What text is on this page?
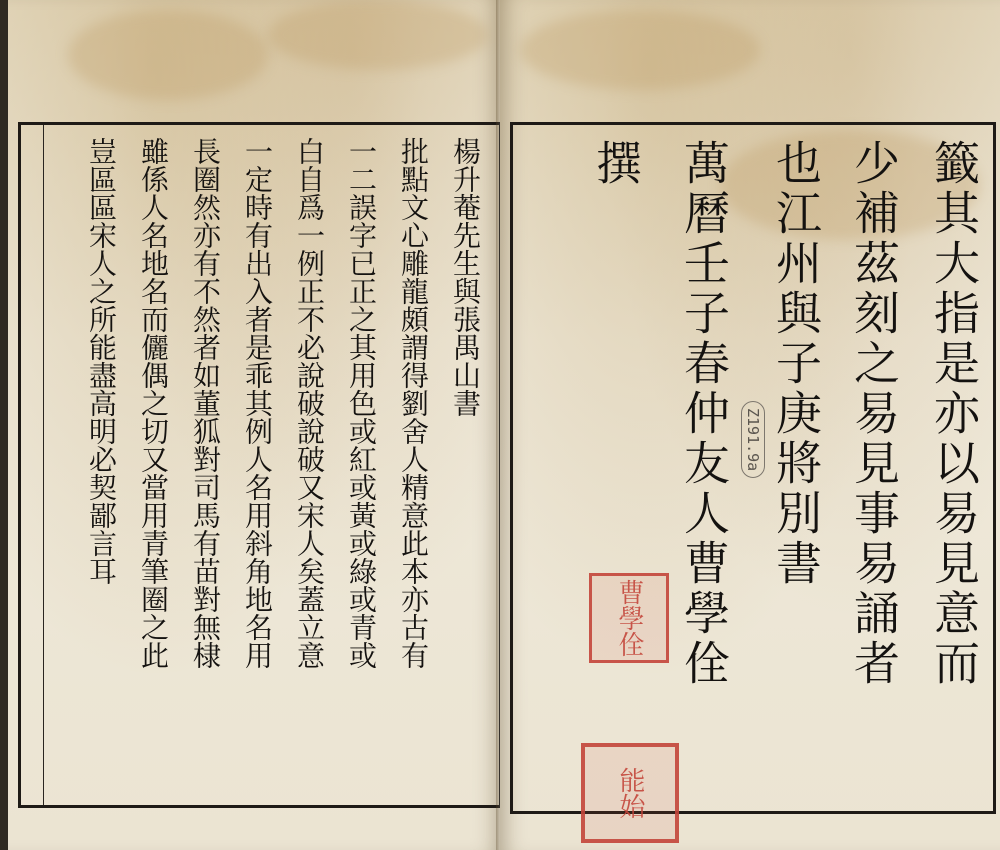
楊升菴先生與張禺山書
批點文心雕龍頗謂得劉舍人精意此本亦古有
一二誤字已正之其用色或紅或黃或綠或青或
白自爲一例正不必說破說破又宋人矣蓋立意
一定時有出入者是乖其例人名用斜角地名用
長圈然亦有不然者如董狐對司馬有苗對無棣
雖係人名地名而儷偶之切又當用青筆圈之此
豈區區宋人之所能盡高明必契鄙言耳	籤其大指是亦以易見意而
少補茲刻之易見事易誦者
也江州與子庚將別書
萬曆壬子春仲友人曹學佺
撰
Z191.9a
曹學佺
能始
